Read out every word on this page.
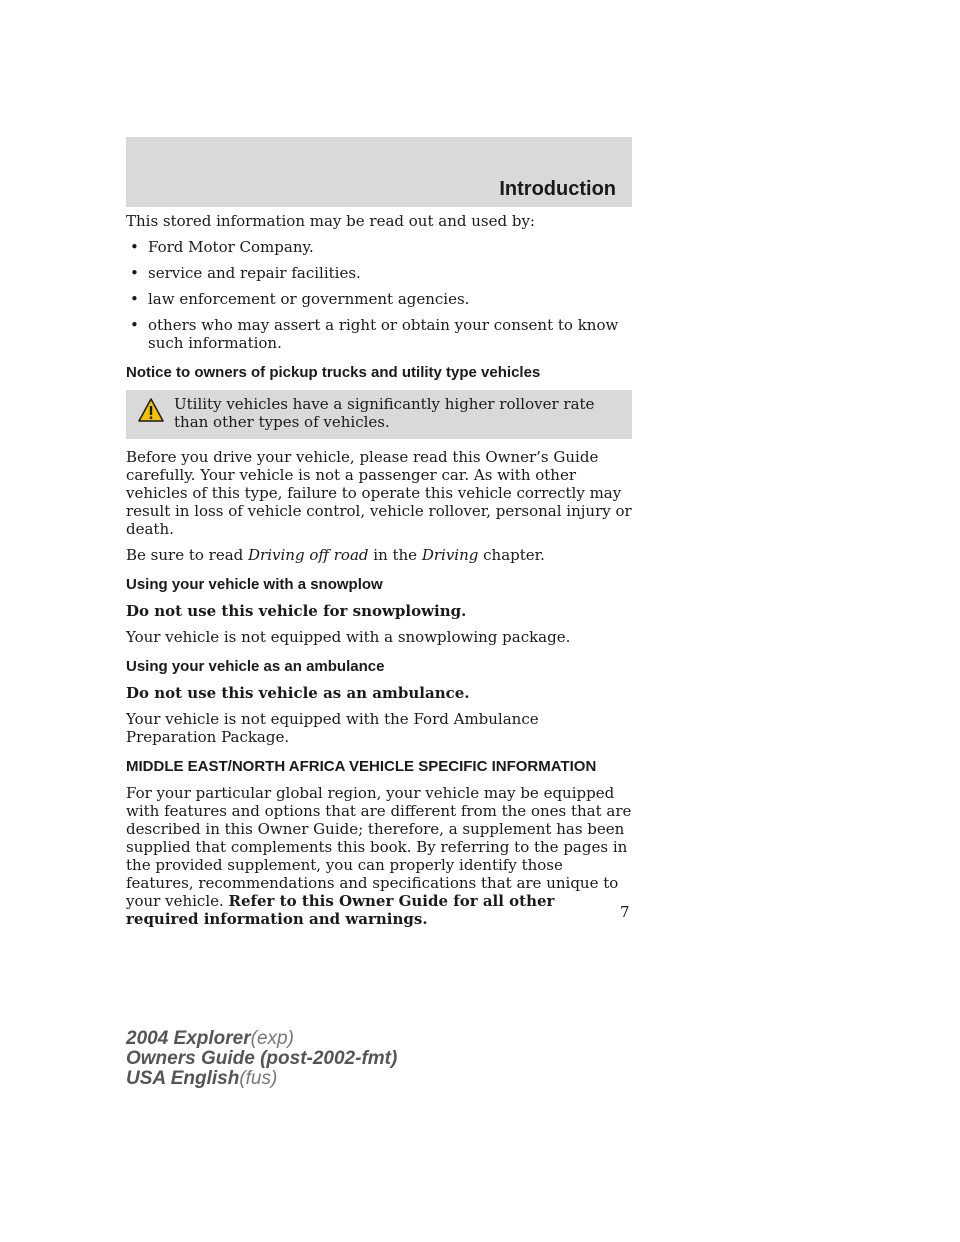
Introduction

This stored information may be read out and used by:

• Ford Motor Company.
• service and repair facilities.
• law enforcement or government agencies.
• others who may assert a right or obtain your consent to know such information.
Notice to owners of pickup trucks and utility type vehicles
Utility vehicles have a significantly higher rollover rate than other types of vehicles.

Before you drive your vehicle, please read this Owner’s Guide carefully. Your vehicle is not a passenger car. As with other vehicles of this type, failure to operate this vehicle correctly may result in loss of vehicle control, vehicle rollover, personal injury or death.

Be sure to read Driving off road in the Driving chapter.

Using your vehicle with a snowplow

Do not use this vehicle for snowplowing.

Your vehicle is not equipped with a snowplowing package.

Using your vehicle as an ambulance

Do not use this vehicle as an ambulance.

Your vehicle is not equipped with the Ford Ambulance Preparation Package.

MIDDLE EAST/NORTH AFRICA VEHICLE SPECIFIC INFORMATION

For your particular global region, your vehicle may be equipped with features and options that are different from the ones that are described in this Owner Guide; therefore, a supplement has been supplied that complements this book. By referring to the pages in the provided supplement, you can properly identify those features, recommendations and specifications that are unique to your vehicle. Refer to this Owner Guide for all other required information and warnings.	7
2004 Explorer(exp)
Owners Guide (post-2002-fmt)
USA English(fus)
